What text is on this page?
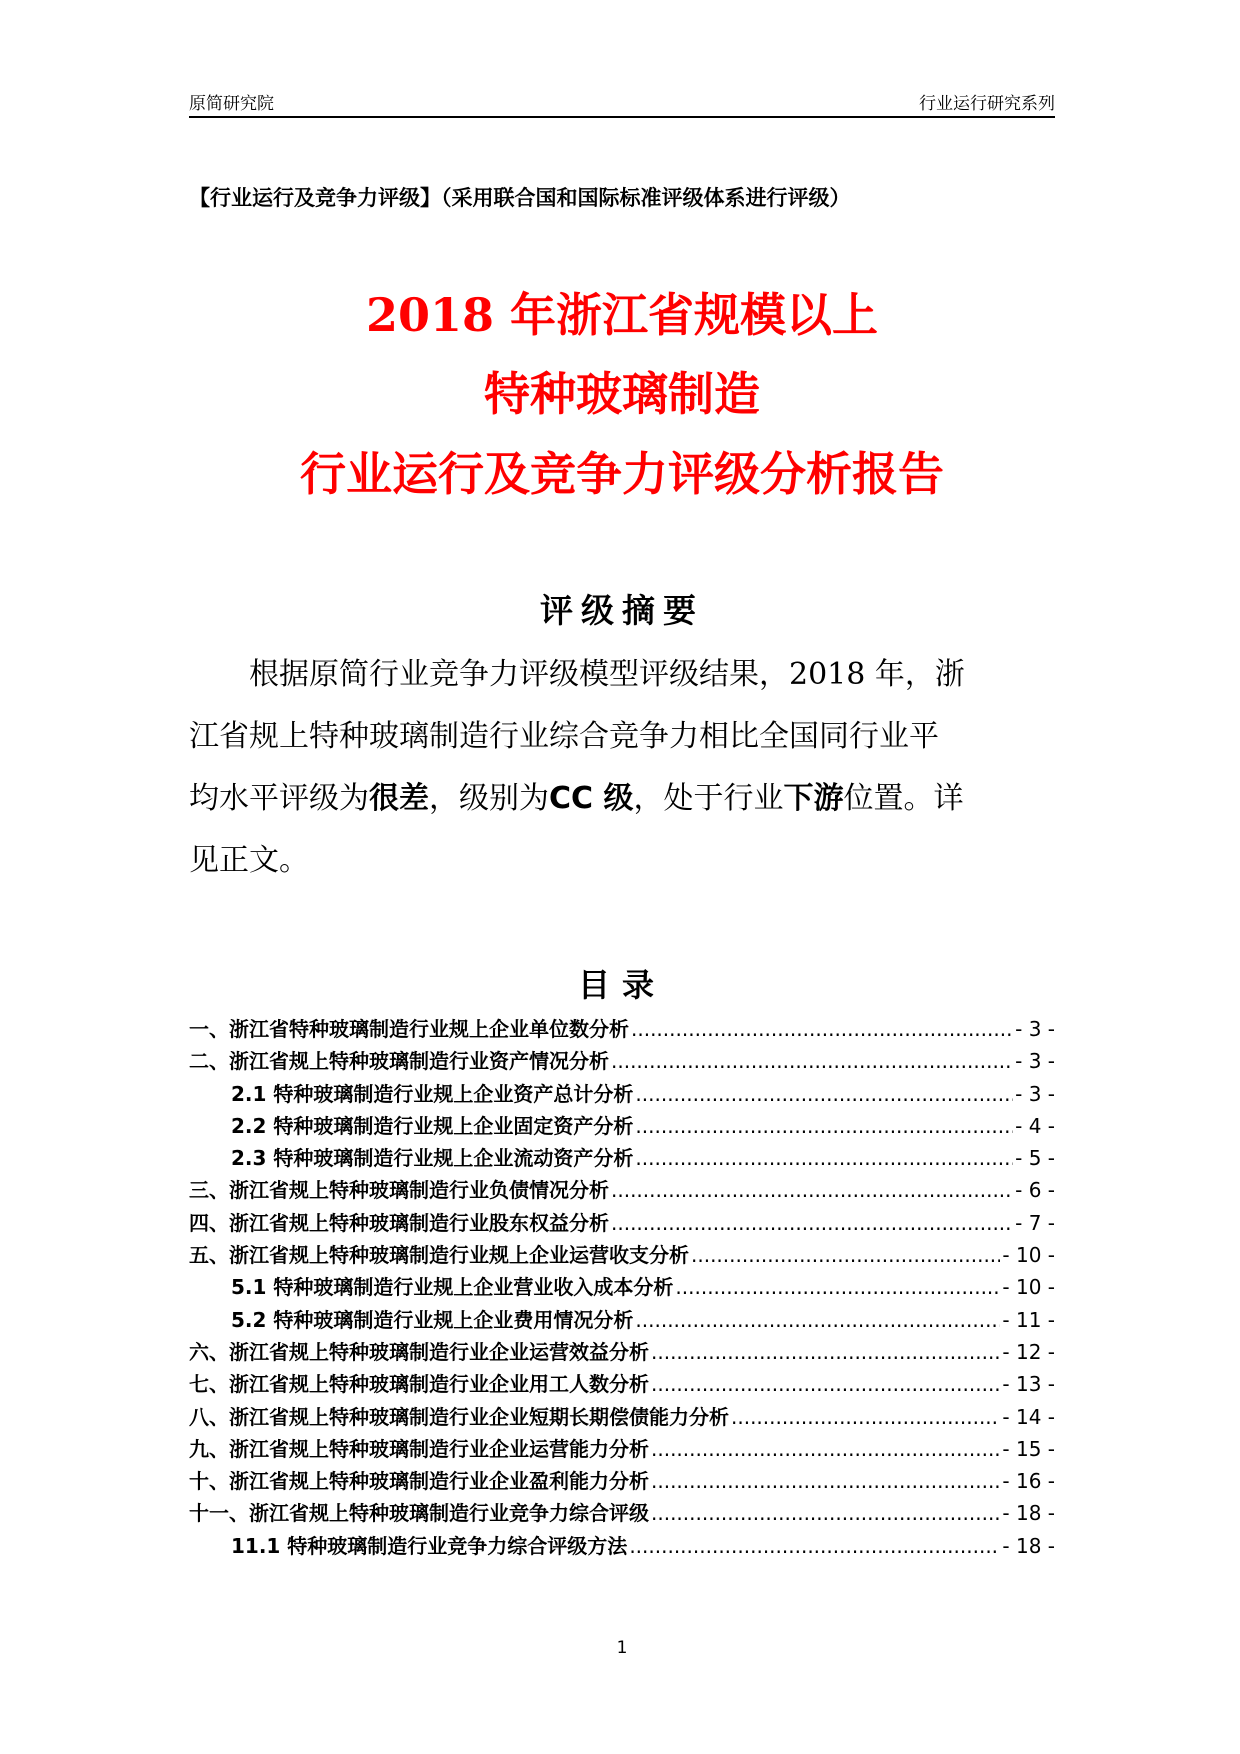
原简研究院	行业运行研究系列
【行业运行及竞争力评级】（采用联合国和国际标准评级体系进行评级）
2018 年浙江省规模以上
特种玻璃制造
行业运行及竞争力评级分析报告
评级摘要
根据原简行业竞争力评级模型评级结果，2018 年，浙
江省规上特种玻璃制造行业综合竞争力相比全国同行业平
均水平评级为很差，级别为CC 级，处于行业下游位置。详
见正文。
目录
一、浙江省特种玻璃制造行业规上企业单位数分析 .....	- 3 -
二、浙江省规上特种玻璃制造行业资产情况分析 .....	- 3 -
2.1 特种玻璃制造行业规上企业资产总计分析 .....	- 3 -
2.2 特种玻璃制造行业规上企业固定资产分析 .....	- 4 -
2.3 特种玻璃制造行业规上企业流动资产分析 .....	- 5 -
三、浙江省规上特种玻璃制造行业负债情况分析 .....	- 6 -
四、浙江省规上特种玻璃制造行业股东权益分析 .....	- 7 -
五、浙江省规上特种玻璃制造行业规上企业运营收支分析 .....	- 10 -
5.1 特种玻璃制造行业规上企业营业收入成本分析 .....	- 10 -
5.2 特种玻璃制造行业规上企业费用情况分析 .....	- 11 -
六、浙江省规上特种玻璃制造行业企业运营效益分析 .....	- 12 -
七、浙江省规上特种玻璃制造行业企业用工人数分析 .....	- 13 -
八、浙江省规上特种玻璃制造行业企业短期长期偿债能力分析 .....	- 14 -
九、浙江省规上特种玻璃制造行业企业运营能力分析 .....	- 15 -
十、浙江省规上特种玻璃制造行业企业盈利能力分析 .....	- 16 -
十一、浙江省规上特种玻璃制造行业竞争力综合评级 .....	- 18 -
11.1 特种玻璃制造行业竞争力综合评级方法 .....	- 18 -
1
